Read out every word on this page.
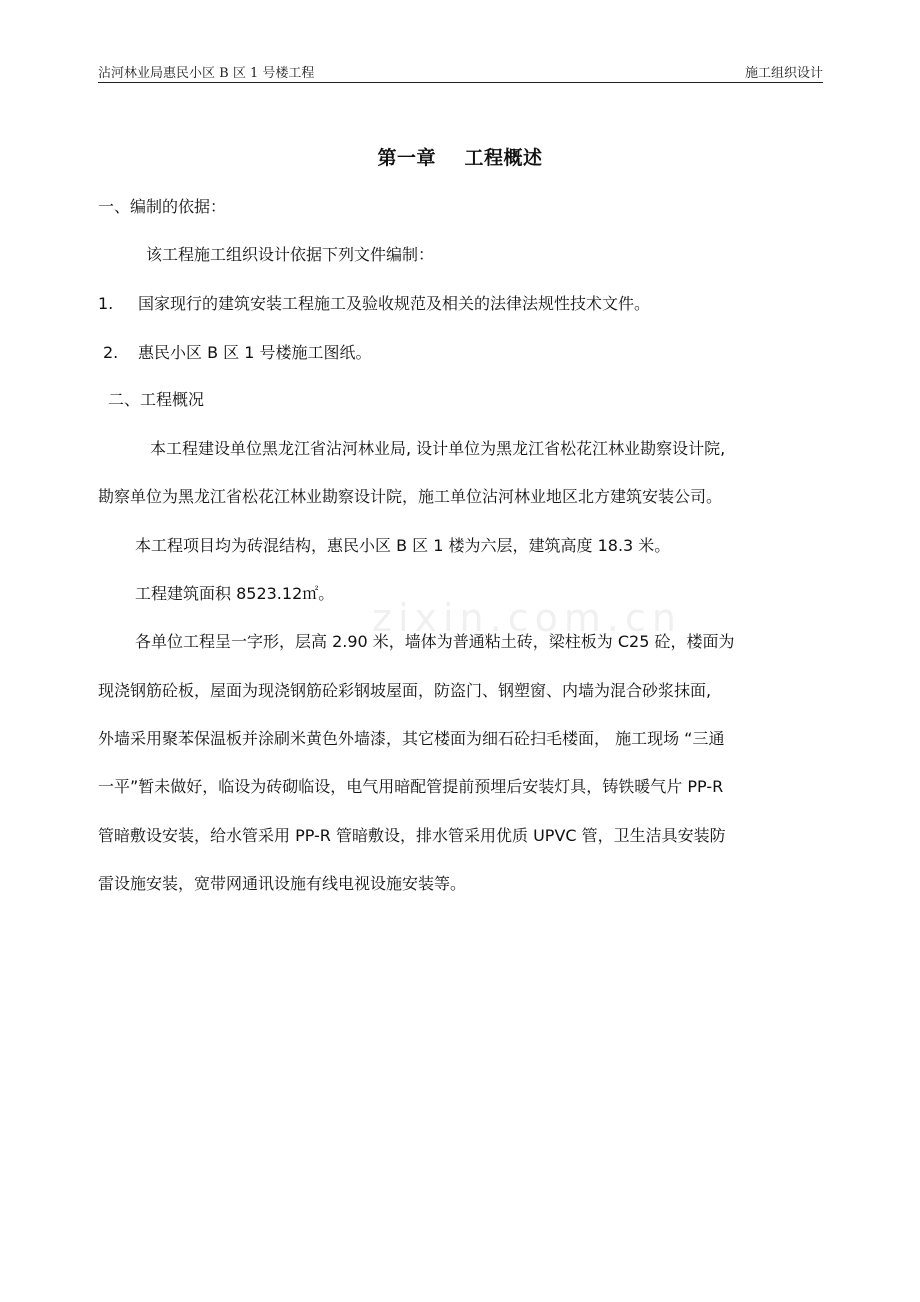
沾河林业局惠民小区 B 区 1 号楼工程	施工组织设计
zixin.com.cn
第一章    工程概述
一、编制的依据：
该工程施工组织设计依据下列文件编制：
1. 国家现行的建筑安装工程施工及验收规范及相关的法律法规性技术文件。
2. 惠民小区 B 区 1 号楼施工图纸。
二、工程概况
本工程建设单位黑龙江省沾河林业局, 设计单位为黑龙江省松花江林业勘察设计院,
勘察单位为黑龙江省松花江林业勘察设计院，施工单位沾河林业地区北方建筑安装公司。
本工程项目均为砖混结构，惠民小区 B 区 1 楼为六层，建筑高度 18.3 米。
工程建筑面积 8523.12㎡。
各单位工程呈一字形，层高 2.90 米，墙体为普通粘土砖，梁柱板为 C25 砼，楼面为
现浇钢筋砼板，屋面为现浇钢筋砼彩钢坡屋面，防盗门、钢塑窗、内墙为混合砂浆抹面,
外墙采用聚苯保温板并涂刷米黄色外墙漆，其它楼面为细石砼扫毛楼面， 施工现场 “三通
一平”暂未做好，临设为砖砌临设，电气用暗配管提前预埋后安装灯具，铸铁暖气片 PP-R
管暗敷设安装，给水管采用 PP-R 管暗敷设，排水管采用优质 UPVC 管，卫生洁具安装防
雷设施安装，宽带网通讯设施有线电视设施安装等。
